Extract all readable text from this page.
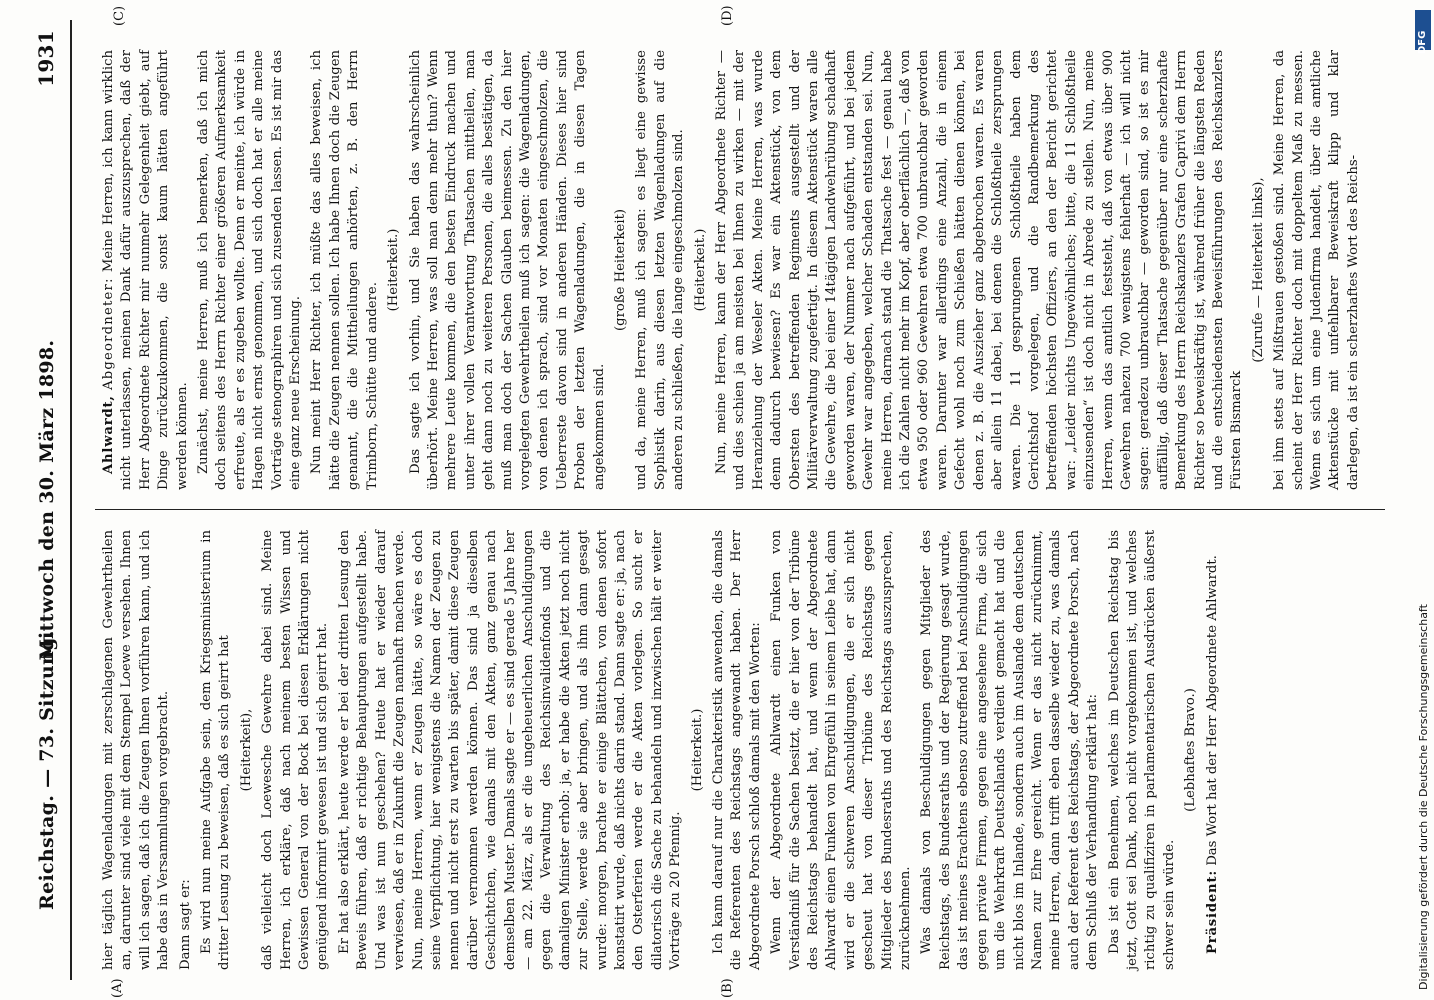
Reichstag. — 73. Sitzung.
Mittwoch den 30. März 1898.
1931
(A)	(B)
(C)	(D)

hier täglich Wagenladungen mit zerschlagenen Gewehrtheilen an, darunter sind viele mit dem Stempel Loewe versehen. Ihnen will ich sagen, daß ich die Zeugen Ihnen vorführen kann, und ich habe das in Versammlungen vorgebracht. Dann sagt er: Es wird nun meine Aufgabe sein, dem Kriegsministerium in dritter Lesung zu beweisen, daß es sich geirrt hat (Heiterkeit), daß vielleicht doch Loewesche Gewehre dabei sind. Meine Herren, ich erkläre, daß nach meinem besten Wissen und Gewissen General von der Bock bei diesen Erklärungen nicht genügend informirt gewesen ist und sich geirrt hat. Er hat also erklärt, heute werde er bei der dritten Lesung den Beweis führen, daß er richtige Behauptungen aufgestellt habe. Und was ist nun geschehen? Heute hat er wieder darauf verwiesen, daß er in Zukunft die Zeugen namhaft machen werde. Nun, meine Herren, wenn er Zeugen hätte, so wäre es doch seine Verpflichtung, hier wenigstens die Namen der Zeugen zu nennen und nicht erst zu warten bis später, damit diese Zeugen darüber vernommen werden können. Das sind ja dieselben Geschichtchen, wie damals mit den Akten, ganz genau nach demselben Muster. Damals sagte er — es sind gerade 5 Jahre her — am 22. März, als er die ungeheuerlichen Anschuldigungen gegen die Verwaltung des Reichsinvalidenfonds und die damaligen Minister erhob: ja, er habe die Akten jetzt noch nicht zur Stelle, werde sie aber bringen, und als ihm dann gesagt wurde: morgen, brachte er einige Blättchen, von denen sofort konstatirt wurde, daß nichts darin stand. Dann sagte er: ja, nach den Osterferien werde er die Akten vorlegen. So sucht er dilatorisch die Sache zu behandeln und inzwischen hält er weiter Vorträge zu 20 Pfennig.

(Heiterkeit.) Ich kann darauf nur die Charakteristik anwenden, die damals die Referenten des Reichstags angewandt haben. Der Herr Abgeordnete Porsch schloß damals mit den Worten: Wenn der Abgeordnete Ahlwardt einen Funken von Verständniß für die Sachen besitzt, die er hier von der Tribüne des Reichstags behandelt hat, und wenn der Abgeordnete Ahlwardt einen Funken von Ehrgefühl in seinem Leibe hat, dann wird er die schweren Anschuldigungen, die er sich nicht gescheut hat von dieser Tribüne des Reichstags gegen Mitglieder des Bundesraths und des Reichstags auszusprechen, zurücknehmen. Was damals von Beschuldigungen gegen Mitglieder des Reichstags, des Bundesraths und der Regierung gesagt wurde, das ist meines Erachtens ebenso zutreffend bei Anschuldigungen gegen private Firmen, gegen eine angesehene Firma, die sich um die Wehrkraft Deutschlands verdient gemacht hat und die nicht blos im Inlande, sondern auch im Auslande dem deutschen Namen zur Ehre gereicht. Wenn er das nicht zurücknimmt, meine Herren, dann trifft eben dasselbe wieder zu, was damals auch der Referent des Reichstags, der Abgeordnete Porsch, nach dem Schluß der Verhandlung erklärt hat: Das ist ein Benehmen, welches im Deutschen Reichstag bis jetzt, Gott sei Dank, noch nicht vorgekommen ist, und welches richtig zu qualifiziren in parlamentarischen Ausdrücken äußerst schwer sein würde.

(Lebhaftes Bravo.)

Präsident: Das Wort hat der Herr Abgeordnete Ahlwardt.

Ahlwardt, Abgeordneter: Meine Herren, ich kann wirklich nicht unterlassen, meinen Dank dafür auszusprechen, daß der Herr Abgeordnete Richter mir nunmehr Gelegenheit giebt, auf Dinge zurückzukommen, die sonst kaum hätten angeführt werden können. Zunächst, meine Herren, muß ich bemerken, daß ich mich doch seitens des Herrn Richter einer größeren Aufmerksamkeit erfreute, als er es zugeben wollte. Denn er meinte, ich würde in Hagen nicht ernst genommen, und sich doch hat er alle meine Vorträge stenographiren und sich zusenden lassen. Es ist mir das eine ganz neue Erscheinung. Nun meint Herr Richter, ich müßte das alles beweisen, ich hätte die Zeugen nennen sollen. Ich habe Ihnen doch die Zeugen genannt, die die Mittheilungen anhörten, z. B. den Herrn Trimborn, Schütte und andere.

(Heiterkeit.) Das sagte ich vorhin, und Sie haben das wahrscheinlich überhört. Meine Herren, was soll man denn mehr thun? Wenn mehrere Leute kommen, die den besten Eindruck machen und unter ihrer vollen Verantwortung Thatsachen mittheilen, man geht dann noch zu weiteren Personen, die alles bestätigen, da muß man doch der Sachen Glauben beimessen. Zu den hier vorgelegten Gewehrtheilen muß ich sagen: die Wagenladungen, von denen ich sprach, sind vor Monaten eingeschmolzen, die Ueberreste davon sind in anderen Händen. Dieses hier sind Proben der letzten Wagenladungen, die in diesen Tagen angekommen sind.

(große Heiterkeit) und da, meine Herren, muß ich sagen: es liegt eine gewisse Sophistik darin, aus diesen letzten Wagenladungen auf die anderen zu schließen, die lange eingeschmolzen sind. (Heiterkeit.) Nun, meine Herren, kann der Herr Abgeordnete Richter — und dies schien ja am meisten bei Ihnen zu wirken — mit der Heranziehung der Weseler Akten. Meine Herren, was wurde denn dadurch bewiesen? Es war ein Aktenstück, von dem Obersten des betreffenden Regiments ausgestellt und der Militärverwaltung zugefertigt. In diesem Aktenstück waren alle die Gewehre, die bei einer 14tägigen Landwehrübung schadhaft geworden waren, der Nummer nach aufgeführt, und bei jedem Gewehr war angegeben, welcher Schaden entstanden sei. Nun, meine Herren, darnach stand die Thatsache fest — genau habe ich die Zahlen nicht mehr im Kopf, aber oberflächlich —, daß von etwa 950 oder 960 Gewehren etwa 700 unbrauchbar geworden waren. Darunter war allerdings eine Anzahl, die in einem Gefecht wohl noch zum Schießen hätten dienen können, bei denen z. B. die Auszieher ganz abgebrochen waren. Es waren aber allein 11 dabei, bei denen die Schloßtheile zersprungen waren. Die 11 gesprungenen Schloßtheile haben dem Gerichtshof vorgelegen, und die Randbemerkung des betreffenden höchsten Offiziers, an den der Bericht gerichtet war: „Leider nichts Ungewöhnliches; bitte, die 11 Schloßtheile einzusenden“ ist doch nicht in Abrede zu stellen. Nun, meine Herren, wenn das amtlich feststeht, daß von etwas über 900 Gewehren nahezu 700 wenigstens fehlerhaft — ich will nicht sagen: geradezu unbrauchbar — geworden sind, so ist es mir auffällig, daß dieser Thatsache gegenüber nur eine scherzhafte Bemerkung des Herrn Reichskanzlers Grafen Caprivi dem Herrn Richter so beweiskräftig ist, während früher die längsten Reden und die entschiedensten Beweisführungen des Reichskanzlers Fürsten Bismarck

(Zurufe — Heiterkeit links), bei ihm stets auf Mißtrauen gestoßen sind. Meine Herren, da scheint der Herr Richter doch mit doppeltem Maß zu messen. Wenn es sich um eine Judenfirma handelt, über die amtliche Aktenstücke mit unfehlbarer Beweiskraft klipp und klar darlegen, da ist ein scherzhaftes Wort des Reichs-

DFG
Digitalisierung gefördert durch die Deutsche Forschungsgemeinschaft
